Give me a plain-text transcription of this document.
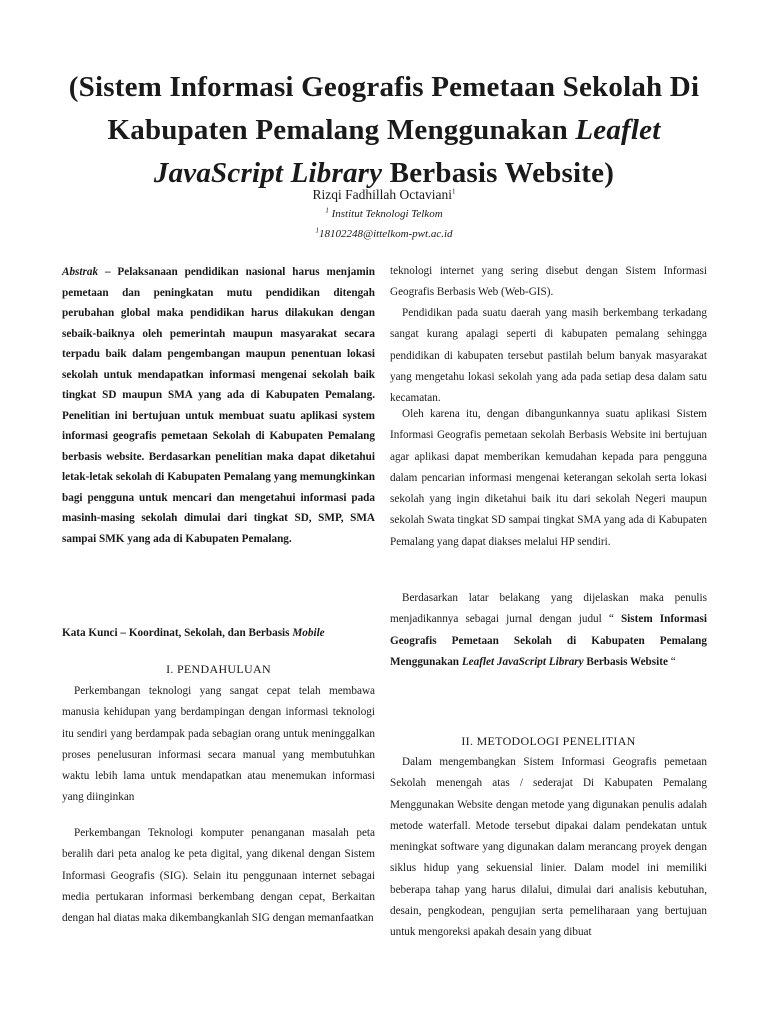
(Sistem Informasi Geografis Pemetaan Sekolah Di Kabupaten Pemalang Menggunakan Leaflet JavaScript Library Berbasis Website)
Rizqi Fadhillah Octaviani$^1$
$^1$ Institut Teknologi Telkom
$^1$18102248@ittelkom-pwt.ac.id

Abstrak – Pelaksanaan pendidikan nasional harus menjamin pemetaan dan peningkatan mutu pendidikan ditengah perubahan global maka pendidikan harus dilakukan dengan sebaik-baiknya oleh pemerintah maupun masyarakat secara terpadu baik dalam pengembangan maupun penentuan lokasi sekolah untuk mendapatkan informasi mengenai sekolah baik tingkat SD maupun SMA yang ada di Kabupaten Pemalang. Penelitian ini bertujuan untuk membuat suatu aplikasi system informasi geografis pemetaan Sekolah di Kabupaten Pemalang berbasis website. Berdasarkan penelitian maka dapat diketahui letak-letak sekolah di Kabupaten Pemalang yang memungkinkan bagi pengguna untuk mencari dan mengetahui informasi pada masinh-masing sekolah dimulai dari tingkat SD, SMP, SMA sampai SMK yang ada di Kabupaten Pemalang.

Kata Kunci – Koordinat, Sekolah, dan Berbasis Mobile

I. PENDAHULUAN

Perkembangan teknologi yang sangat cepat telah membawa manusia kehidupan yang berdampingan dengan informasi teknologi itu sendiri yang berdampak pada sebagian orang untuk meninggalkan proses penelusuran informasi secara manual yang membutuhkan waktu lebih lama untuk mendapatkan atau menemukan informasi yang diinginkan

Perkembangan Teknologi komputer penanganan masalah peta beralih dari peta analog ke peta digital, yang dikenal dengan Sistem Informasi Geografis (SIG). Selain itu penggunaan internet sebagai media pertukaran informasi berkembang dengan cepat, Berkaitan dengan hal diatas maka dikembangkanlah SIG dengan memanfaatkan

teknologi internet yang sering disebut dengan Sistem Informasi Geografis Berbasis Web (Web-GIS).

Pendidikan pada suatu daerah yang masih berkembang terkadang sangat kurang apalagi seperti di kabupaten pemalang sehingga pendidikan di kabupaten tersebut pastilah belum banyak masyarakat yang mengetahu lokasi sekolah yang ada pada setiap desa dalam satu kecamatan.

Oleh karena itu, dengan dibangunkannya suatu aplikasi Sistem Informasi Geografis pemetaan sekolah Berbasis Website ini bertujuan agar aplikasi dapat memberikan kemudahan kepada para pengguna dalam pencarian informasi mengenai keterangan sekolah serta lokasi sekolah yang ingin diketahui baik itu dari sekolah Negeri maupun sekolah Swata tingkat SD sampai tingkat SMA yang ada di Kabupaten Pemalang yang dapat diakses melalui HP sendiri.

Berdasarkan latar belakang yang dijelaskan maka penulis menjadikannya sebagai jurnal dengan judul “ Sistem Informasi Geografis Pemetaan Sekolah di Kabupaten Pemalang Menggunakan Leaflet JavaScript Library Berbasis Website “

II. METODOLOGI PENELITIAN

Dalam mengembangkan Sistem Informasi Geografis pemetaan Sekolah menengah atas / sederajat Di Kabupaten Pemalang Menggunakan Website dengan metode yang digunakan penulis adalah metode waterfall. Metode tersebut dipakai dalam pendekatan untuk meningkat software yang digunakan dalam merancang proyek dengan siklus hidup yang sekuensial linier. Dalam model ini memiliki beberapa tahap yang harus dilalui, dimulai dari analisis kebutuhan, desain, pengkodean, pengujian serta pemeliharaan yang bertujuan untuk mengoreksi apakah desain yang dibuat
